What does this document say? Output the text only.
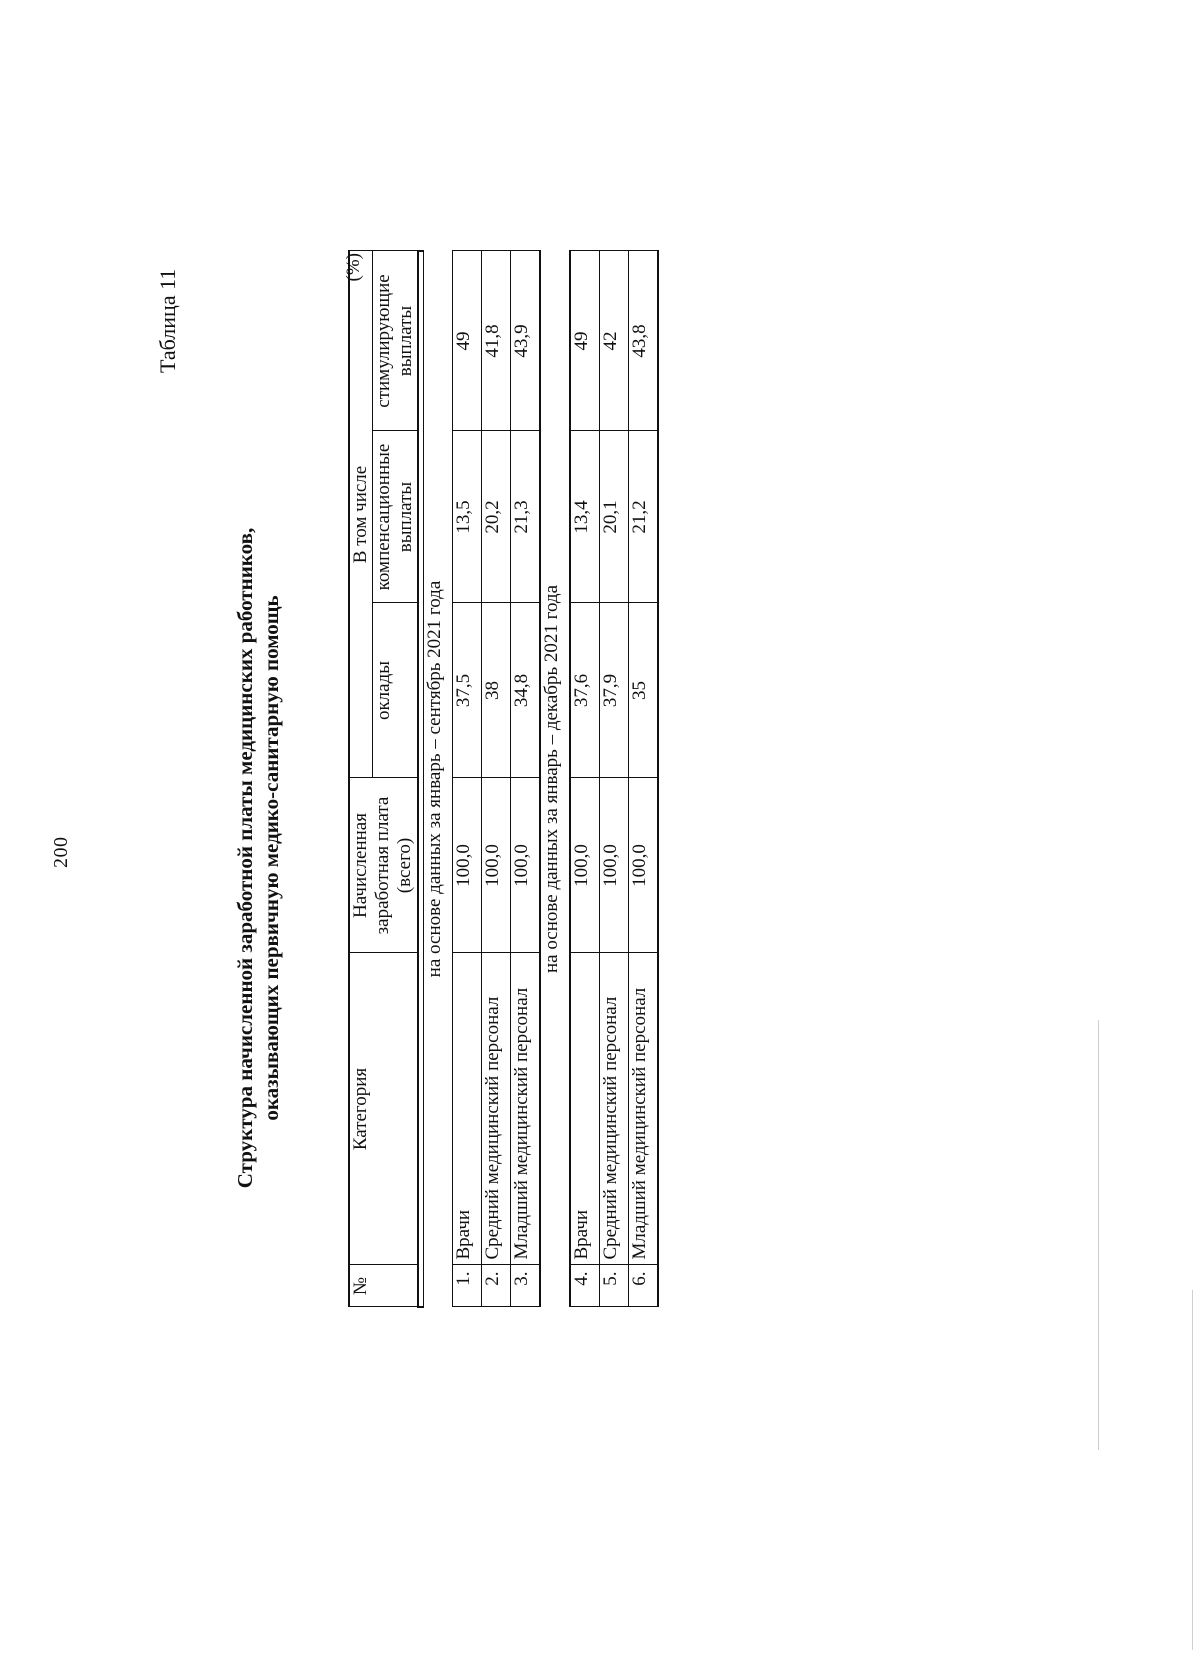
200
Таблица 11
Структура начисленной заработной платы медицинских работников, оказывающих первичную медико-санитарную помощь
(%)
№	Категория	Начисленная заработная плата (всего)	В том числе		
			оклады	компенсационные выплаты	стимулирующие выплаты

на основе данных за январь – сентябрь 2021 года					
1.	Врачи	100,0	37,5	13,5	49
2.	Средний медицинский персонал	100,0	38	20,2	41,8
3.	Младший медицинский персонал	100,0	34,8	21,3	43,9
на основе данных за январь – декабрь 2021 года					
4.	Врачи	100,0	37,6	13,4	49
5.	Средний медицинский персонал	100,0	37,9	20,1	42
6.	Младший медицинский персонал	100,0	35	21,2	43,8
